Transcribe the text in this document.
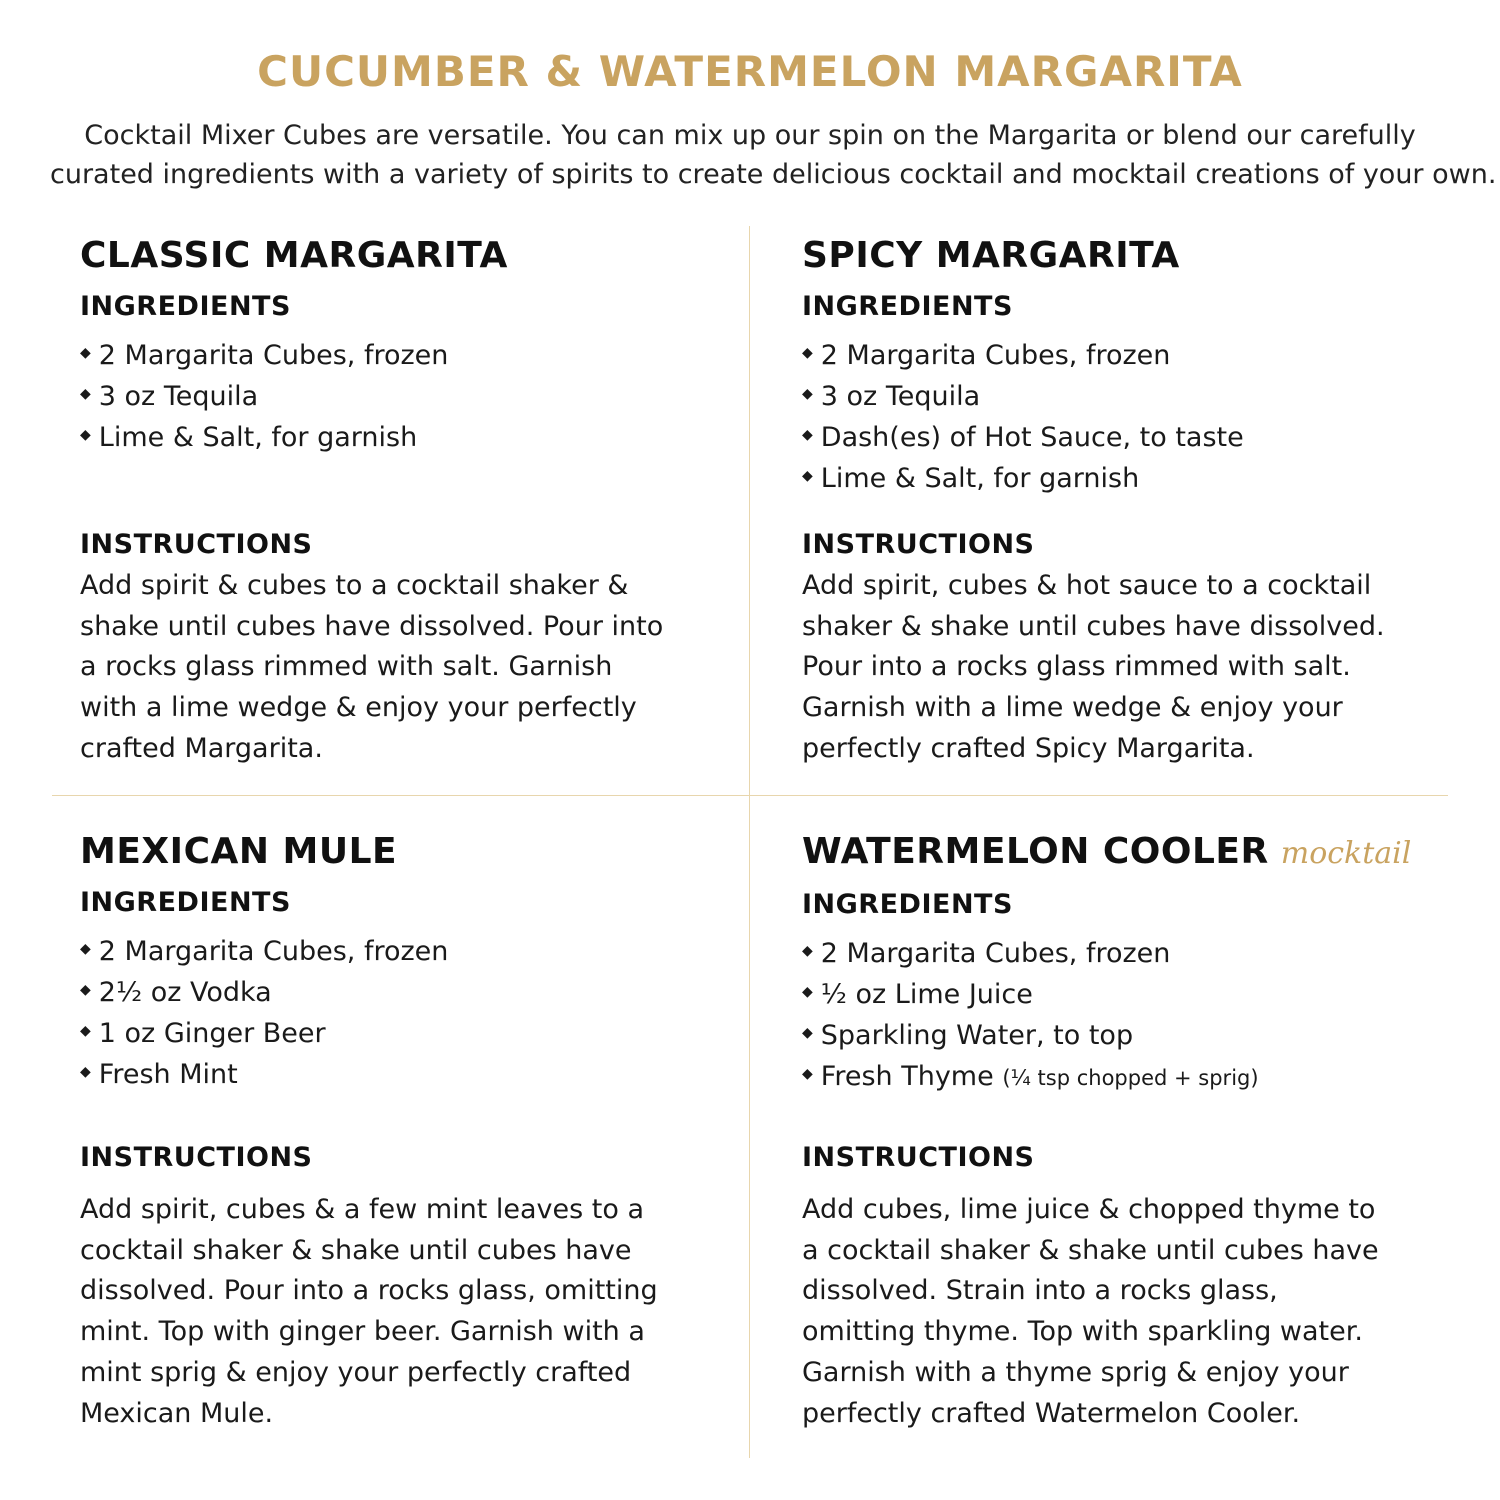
CUCUMBER & WATERMELON MARGARITA

Cocktail Mixer Cubes are versatile. You can mix up our spin on the Margarita or blend our carefully
curated ingredients with a variety of spirits to create delicious cocktail and mocktail creations of your own.

CLASSIC MARGARITA
INGREDIENTS
◆ 2 Margarita Cubes, frozen
◆ 3 oz Tequila
◆ Lime & Salt, for garnish
INSTRUCTIONS

Add spirit & cubes to a cocktail shaker & shake until cubes have dissolved. Pour into a rocks glass rimmed with salt. Garnish with a lime wedge & enjoy your perfectly crafted Margarita.

SPICY MARGARITA
INGREDIENTS
◆ 2 Margarita Cubes, frozen
◆ 3 oz Tequila
◆ Dash(es) of Hot Sauce, to taste
◆ Lime & Salt, for garnish
INSTRUCTIONS

Add spirit, cubes & hot sauce to a cocktail shaker & shake until cubes have dissolved. Pour into a rocks glass rimmed with salt. Garnish with a lime wedge & enjoy your perfectly crafted Spicy Margarita.

MEXICAN MULE
INGREDIENTS
◆ 2 Margarita Cubes, frozen
◆ 2½ oz Vodka
◆ 1 oz Ginger Beer
◆ Fresh Mint
INSTRUCTIONS

Add spirit, cubes & a few mint leaves to a cocktail shaker & shake until cubes have dissolved. Pour into a rocks glass, omitting mint. Top with ginger beer. Garnish with a mint sprig & enjoy your perfectly crafted Mexican Mule.

WATERMELON COOLER mocktail
INGREDIENTS
◆ 2 Margarita Cubes, frozen
◆ ½ oz Lime Juice
◆ Sparkling Water, to top
◆ Fresh Thyme (¼ tsp chopped + sprig)
INSTRUCTIONS

Add cubes, lime juice & chopped thyme to a cocktail shaker & shake until cubes have dissolved. Strain into a rocks glass, omitting thyme. Top with sparkling water. Garnish with a thyme sprig & enjoy your perfectly crafted Watermelon Cooler.
